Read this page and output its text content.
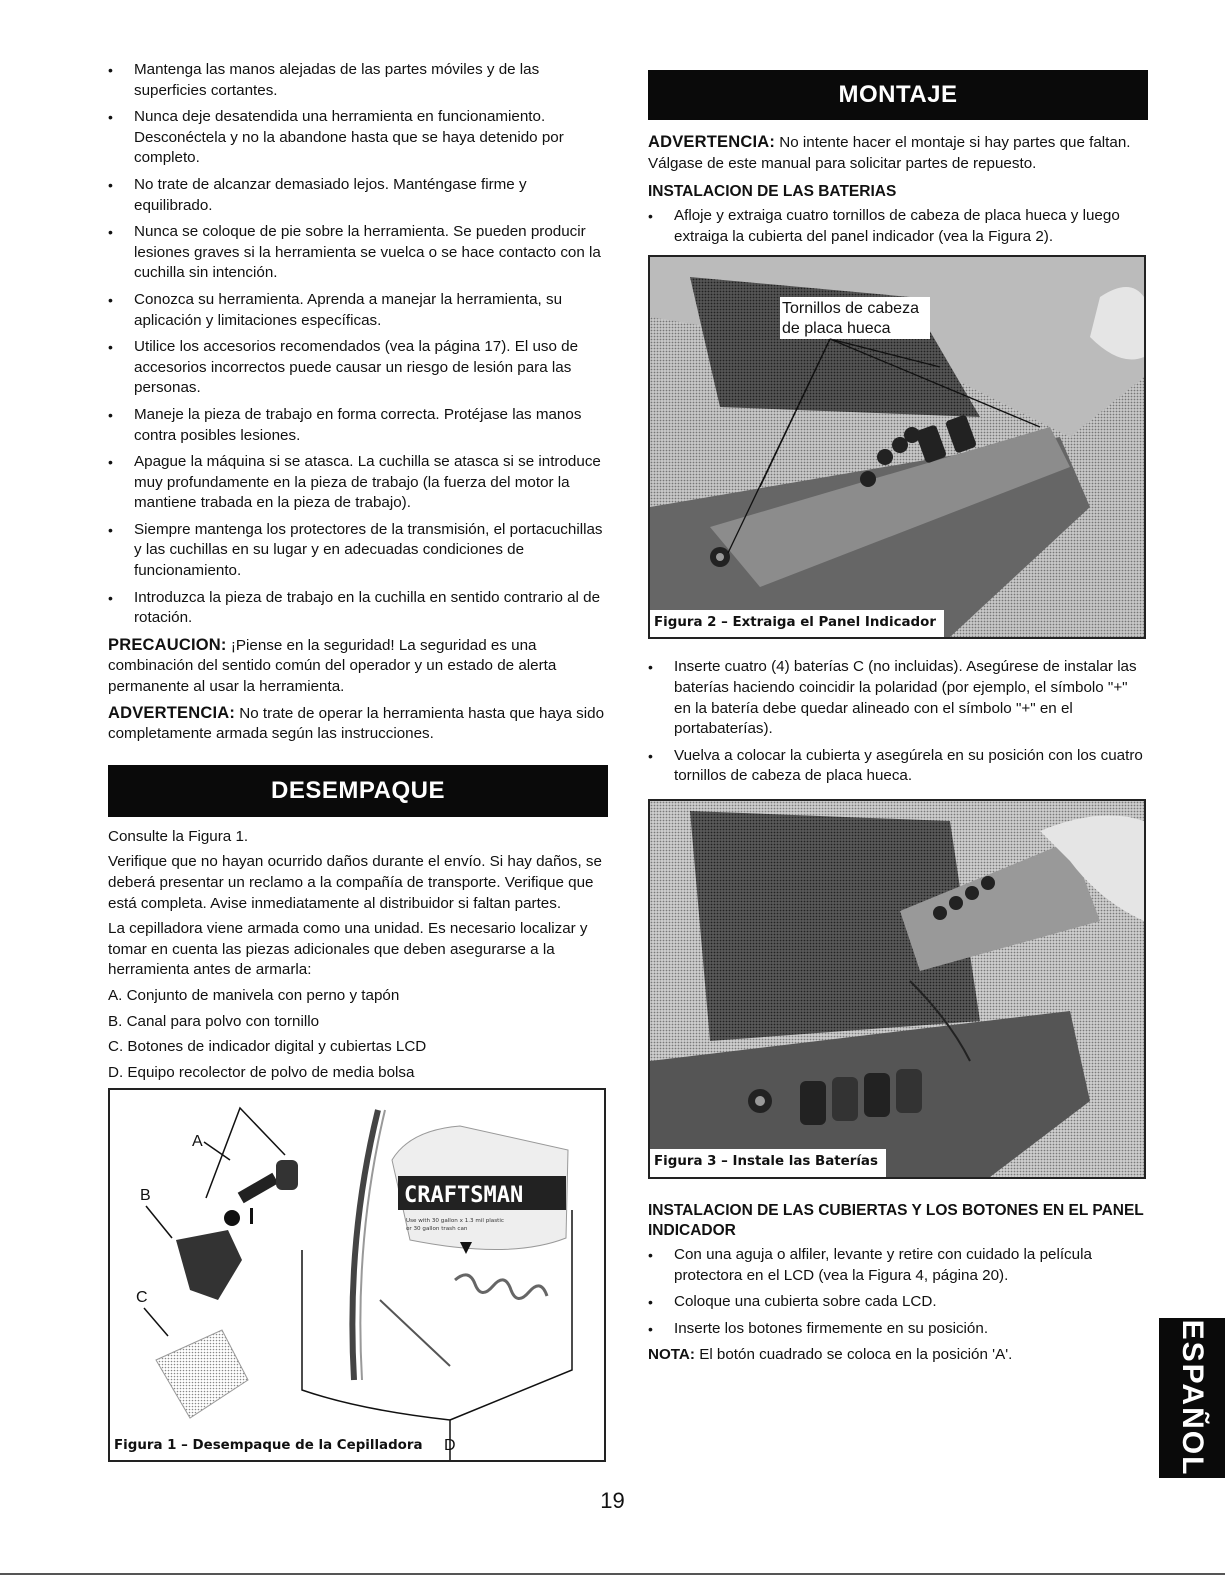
• Mantenga las manos alejadas de las partes móviles y de las superficies cortantes.
• Nunca deje desatendida una herramienta en funcionamiento. Desconéctela y no la abandone hasta que se haya detenido por completo.
• No trate de alcanzar demasiado lejos. Manténgase firme y equilibrado.
• Nunca se coloque de pie sobre la herramienta. Se pueden producir lesiones graves si la herramienta se vuelca o se hace contacto con la cuchilla sin intención.
• Conozca su herramienta. Aprenda a manejar la herramienta, su aplicación y limitaciones específicas.
• Utilice los accesorios recomendados (vea la página 17). El uso de accesorios incorrectos puede causar un riesgo de lesión para las personas.
• Maneje la pieza de trabajo en forma correcta. Protéjase las manos contra posibles lesiones.
• Apague la máquina si se atasca. La cuchilla se atasca si se introduce muy profundamente en la pieza de trabajo (la fuerza del motor la mantiene trabada en la pieza de trabajo).
• Siempre mantenga los protectores de la transmisión, el portacuchillas y las cuchillas en su lugar y en adecuadas condiciones de funcionamiento.
• Introduzca la pieza de trabajo en la cuchilla en sentido contrario al de rotación.

PRECAUCION: ¡Piense en la seguridad! La seguridad es una combinación del sentido común del operador y un estado de alerta permanente al usar la herramienta.

ADVERTENCIA: No trate de operar la herramienta hasta que haya sido completamente armada según las instrucciones.

DESEMPAQUE

Consulte la Figura 1.

Verifique que no hayan ocurrido daños durante el envío. Si hay daños, se deberá presentar un reclamo a la compañía de transporte. Verifique que está completa. Avise inmediatamente al distribuidor si faltan partes.

La cepilladora viene armada como una unidad. Es necesario localizar y tomar en cuenta las piezas adicionales que deben asegurarse a la herramienta antes de armarla:

A. Conjunto de manivela con perno y tapón

B. Canal para polvo con tornillo

C. Botones de indicador digital y cubiertas LCD

D. Equipo recolector de polvo de media bolsa

A
B
C
CRAFTSMAN
Use with 30 gallon x 1.3 mil plastic
or 30 gallon trash can
D
Figura 1 – Desempaque de la Cepilladora
MONTAJE

ADVERTENCIA: No intente hacer el montaje si hay partes que faltan. Válgase de este manual para solicitar partes de repuesto.

INSTALACION DE LAS BATERIAS
• Afloje y extraiga cuatro tornillos de cabeza de placa hueca y luego extraiga la cubierta del panel indicador (vea la Figura 2).
Tornillos de cabeza
de placa hueca
Figura 2 – Extraiga el Panel Indicador
• Inserte cuatro (4) baterías C (no incluidas). Asegúrese de instalar las baterías haciendo coincidir la polaridad (por ejemplo, el símbolo "+" en la batería debe quedar alineado con el símbolo "+" en el portabaterías).
• Vuelva a colocar la cubierta y asegúrela en su posición con los cuatro tornillos de cabeza de placa hueca.
Figura 3 – Instale las Baterías
INSTALACION DE LAS CUBIERTAS Y LOS BOTONES EN EL PANEL INDICADOR
• Con una aguja o alfiler, levante y retire con cuidado la película protectora en el LCD (vea la Figura 4, página 20).
• Coloque una cubierta sobre cada LCD.
• Inserte los botones firmemente en su posición.

NOTA: El botón cuadrado se coloca en la posición 'A'.

19
ESPAÑOL
